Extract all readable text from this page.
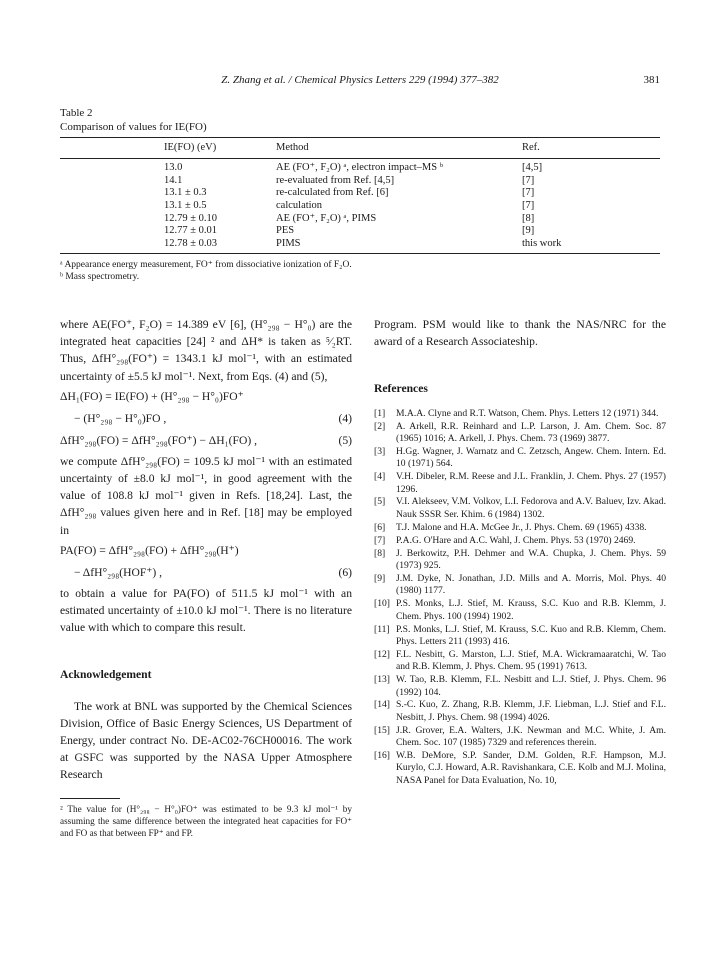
Z. Zhang et al. / Chemical Physics Letters 229 (1994) 377–382	381
Table 2
Comparison of values for IE(FO)
IE(FO) (eV)	Method	Ref.
13.0	AE (FO⁺, F₂O) ᵃ, electron impact–MS ᵇ	[4,5]
14.1	re-evaluated from Ref. [4,5]	[7]
13.1 ± 0.3	re-calculated from Ref. [6]	[7]
13.1 ± 0.5	calculation	[7]
12.79 ± 0.10	AE (FO⁺, F₂O) ᵃ, PIMS	[8]
12.77 ± 0.01	PES	[9]
12.78 ± 0.03	PIMS	this work
ᵃ Appearance energy measurement, FO⁺ from dissociative ionization of F₂O.
ᵇ Mass spectrometry.

where AE(FO⁺, F₂O) = 14.389 eV [6], (H°₂₉₈ − H°₀) are the integrated heat capacities [24] ² and ΔH* is taken as ⁵⁄₂RT. Thus, ΔfH°₂₉₈(FO⁺) = 1343.1 kJ mol⁻¹, with an estimated uncertainty of ±5.5 kJ mol⁻¹. Next, from Eqs. (4) and (5),

ΔH₁(FO) = IE(FO) + (H°₂₉₈ − H°₀)FO⁺
− (H°₂₉₈ − H°₀)FO ,	(4)
ΔfH°₂₉₈(FO) = ΔfH°₂₉₈(FO⁺) − ΔH₁(FO) ,	(5)

we compute ΔfH°₂₉₈(FO) = 109.5 kJ mol⁻¹ with an estimated uncertainty of ±8.0 kJ mol⁻¹, in good agreement with the value of 108.8 kJ mol⁻¹ given in Refs. [18,24]. Last, the ΔfH°₂₉₈ values given here and in Ref. [18] may be employed in

PA(FO) = ΔfH°₂₉₈(FO) + ΔfH°₂₉₈(H⁺)
− ΔfH°₂₉₈(HOF⁺) ,	(6)

to obtain a value for PA(FO) of 511.5 kJ mol⁻¹ with an estimated uncertainty of ±10.0 kJ mol⁻¹. There is no literature value with which to compare this result.

Acknowledgement

The work at BNL was supported by the Chemical Sciences Division, Office of Basic Energy Sciences, US Department of Energy, under contract No. DE-AC02-76CH00016. The work at GSFC was supported by the NASA Upper Atmosphere Research

² The value for (H°₂₉₈ − H°₀)FO⁺ was estimated to be 9.3 kJ mol⁻¹ by assuming the same difference between the integrated heat capacities for FO⁺ and FO as that between FP⁺ and FP.

Program. PSM would like to thank the NAS/NRC for the award of a Research Associateship.

References

[1] M.A.A. Clyne and R.T. Watson, Chem. Phys. Letters 12 (1971) 344.
[2] A. Arkell, R.R. Reinhard and L.P. Larson, J. Am. Chem. Soc. 87 (1965) 1016; A. Arkell, J. Phys. Chem. 73 (1969) 3877.
[3] H.Gg. Wagner, J. Warnatz and C. Zetzsch, Angew. Chem. Intern. Ed. 10 (1971) 564.
[4] V.H. Dibeler, R.M. Reese and J.L. Franklin, J. Chem. Phys. 27 (1957) 1296.
[5] V.I. Alekseev, V.M. Volkov, L.I. Fedorova and A.V. Baluev, Izv. Akad. Nauk SSSR Ser. Khim. 6 (1984) 1302.
[6] T.J. Malone and H.A. McGee Jr., J. Phys. Chem. 69 (1965) 4338.
[7] P.A.G. O'Hare and A.C. Wahl, J. Chem. Phys. 53 (1970) 2469.
[8] J. Berkowitz, P.H. Dehmer and W.A. Chupka, J. Chem. Phys. 59 (1973) 925.
[9] J.M. Dyke, N. Jonathan, J.D. Mills and A. Morris, Mol. Phys. 40 (1980) 1177.
[10] P.S. Monks, L.J. Stief, M. Krauss, S.C. Kuo and R.B. Klemm, J. Chem. Phys. 100 (1994) 1902.
[11] P.S. Monks, L.J. Stief, M. Krauss, S.C. Kuo and R.B. Klemm, Chem. Phys. Letters 211 (1993) 416.
[12] F.L. Nesbitt, G. Marston, L.J. Stief, M.A. Wickramaaratchi, W. Tao and R.B. Klemm, J. Phys. Chem. 95 (1991) 7613.
[13] W. Tao, R.B. Klemm, F.L. Nesbitt and L.J. Stief, J. Phys. Chem. 96 (1992) 104.
[14] S.-C. Kuo, Z. Zhang, R.B. Klemm, J.F. Liebman, L.J. Stief and F.L. Nesbitt, J. Phys. Chem. 98 (1994) 4026.
[15] J.R. Grover, E.A. Walters, J.K. Newman and M.C. White, J. Am. Chem. Soc. 107 (1985) 7329 and references therein.
[16] W.B. DeMore, S.P. Sander, D.M. Golden, R.F. Hampson, M.J. Kurylo, C.J. Howard, A.R. Ravishankara, C.E. Kolb and M.J. Molina, NASA Panel for Data Evaluation, No. 10,
